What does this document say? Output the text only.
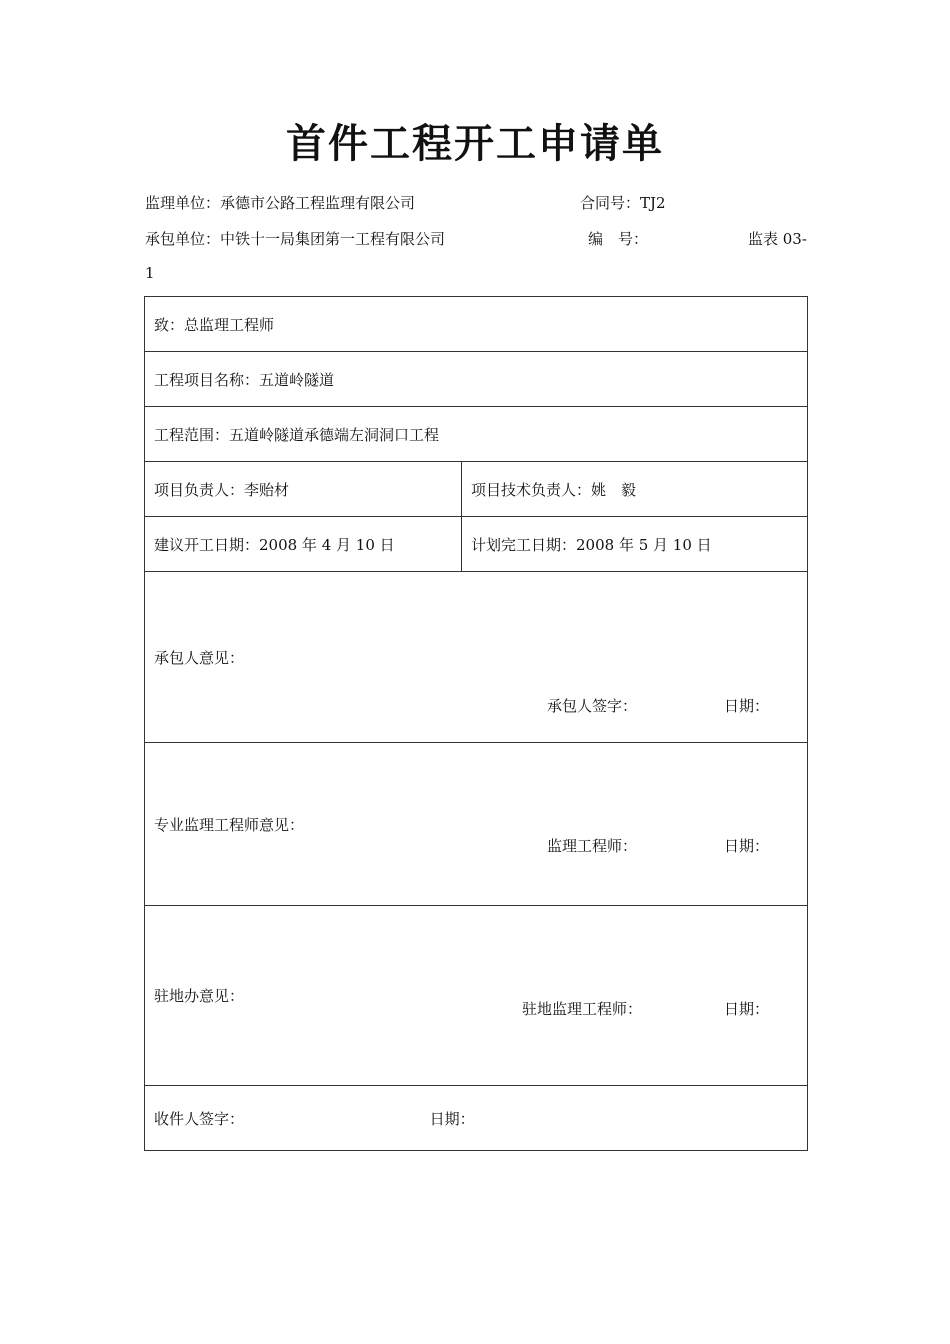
首件工程开工申请单
监理单位：承德市公路工程监理有限公司	合同号：TJ2
承包单位：中铁十一局集团第一工程有限公司	编　号：	监表 03-
1
致：总监理工程师	
工程项目名称：五道岭隧道	
工程范围：五道岭隧道承德端左洞洞口工程	
项目负责人：李贻材	项目技术负责人：姚　毅
建议开工日期：2008 年 4 月 10 日	计划完工日期：2008 年 5 月 10 日
承包人意见：
承包人签字： 日期：	

专业监理工程师意见：
监理工程师： 日期：	

驻地办意见：
驻地监理工程师： 日期：	

收件人签字： 日期：	
